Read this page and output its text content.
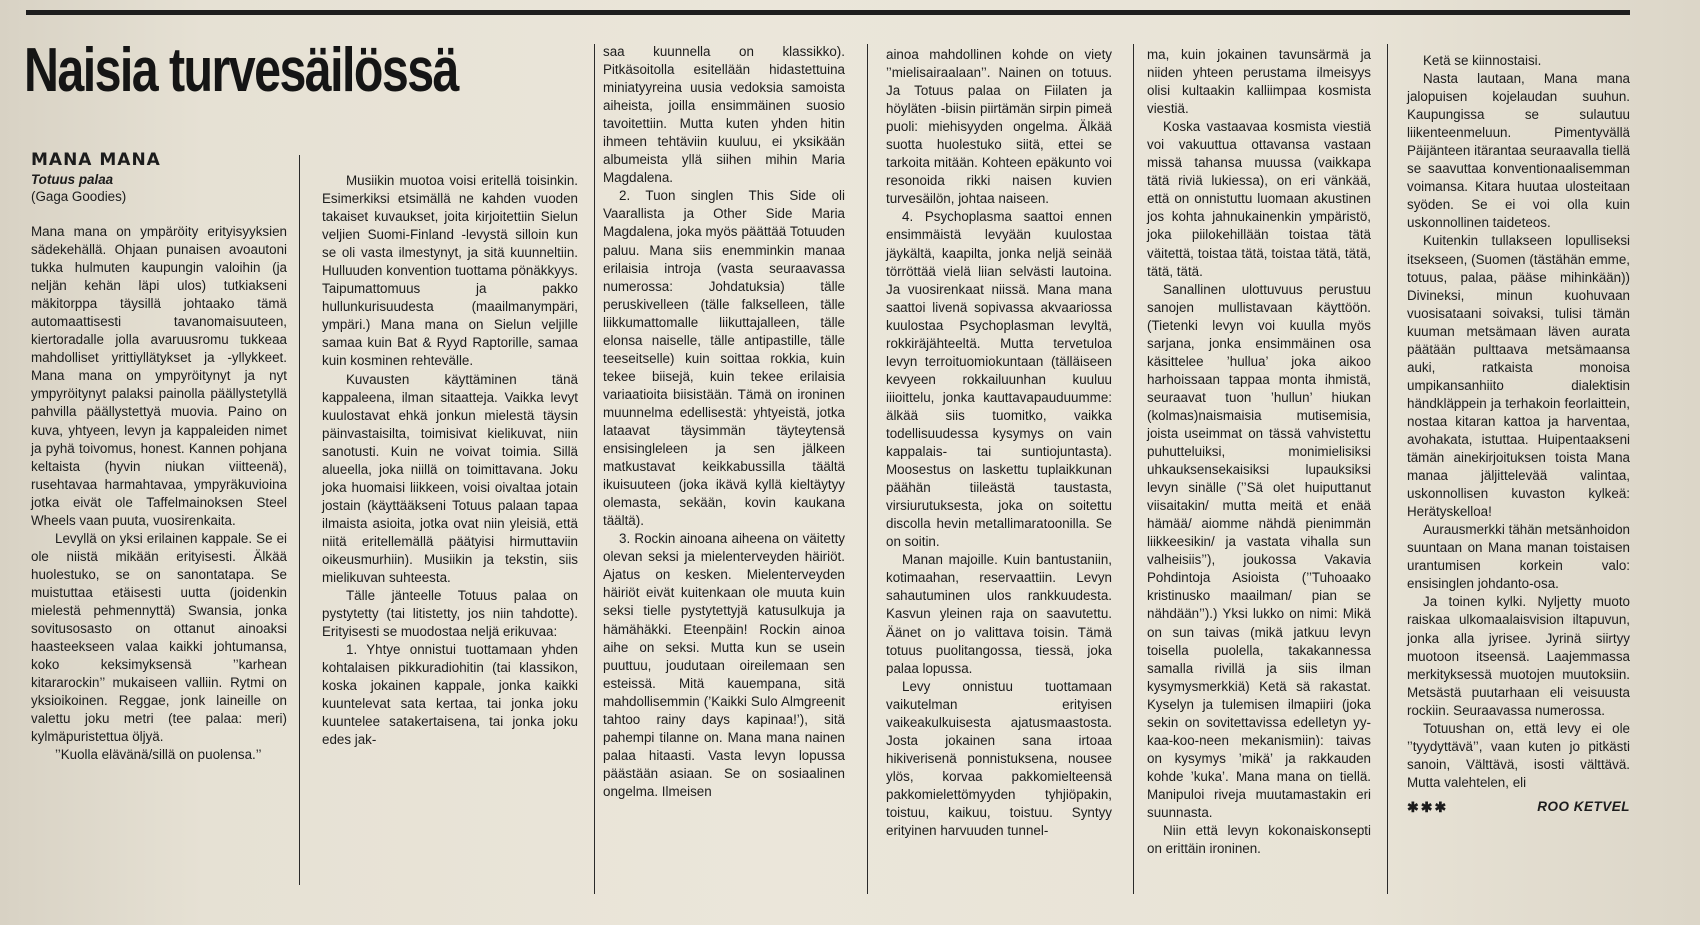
Naisia turvesäilössä

MANA MANA

Totuus palaa

(Gaga Goodies)

Mana mana on ympäröity erityisyyksien sädekehällä. Ohjaan punaisen avoautoni tukka hulmuten kaupungin valoihin (ja neljän kehän läpi ulos) tutkiakseni mäkitorppa täysillä johtaako tämä automaattisesti tavanomaisuuteen, kiertoradalle jolla avaruusromu tukkeaa mahdolliset yrittiyllätykset ja -yllykkeet. Mana mana on ympyröitynyt ja nyt ympyröitynyt palaksi painolla päällystetyllä pahvilla päällystettyä muovia. Paino on kuva, yhtyeen, levyn ja kappaleiden nimet ja pyhä toivomus, honest. Kannen pohjana keltaista (hyvin niukan viitteenä), rusehtavaa harmahtavaa, ympyräkuvioina jotka eivät ole Taffelmainoksen Steel Wheels vaan puuta, vuosirenkaita.

Levyllä on yksi erilainen kappale. Se ei ole niistä mikään erityisesti. Älkää huolestuko, se on sanontatapa. Se muistuttaa etäisesti uutta (joidenkin mielestä pehmennyttä) Swansia, jonka sovitusosasto on ottanut ainoaksi haasteekseen valaa kaikki johtumansa, koko keksimyksensä ’’karhean kitararockin’’ mukaiseen valliin. Rytmi on yksioikoinen. Reggae, jonk laineille on valettu joku metri (tee palaa: meri) kylmäpuristettua öljyä.

’’Kuolla elävänä/sillä on puolensa.’’

Musiikin muotoa voisi eritellä toisinkin. Esimerkiksi etsimällä ne kahden vuoden takaiset kuvaukset, joita kirjoitettiin Sielun veljien Suomi-Finland -levystä silloin kun se oli vasta ilmestynyt, ja sitä kuunneltiin. Hulluuden konvention tuottama pönäkkyys. Taipumattomuus ja pakko hullunkurisuudesta (maailmanympäri, ympäri.) Mana mana on Sielun veljille samaa kuin Bat & Ryyd Raptorille, samaa kuin kosminen rehtevälle.

Kuvausten käyttäminen tänä kappaleena, ilman sitaatteja. Vaikka levyt kuulostavat ehkä jonkun mielestä täysin päinvastaisilta, toimisivat kielikuvat, niin sanotusti. Kuin ne voivat toimia. Sillä alueella, joka niillä on toimittavana. Joku joka huomaisi liikkeen, voisi oivaltaa jotain jostain (käyttääkseni Totuus palaan tapaa ilmaista asioita, jotka ovat niin yleisiä, että niitä eritellemällä päätyisi hirmuttaviin oikeusmurhiin). Musiikin ja tekstin, siis mielikuvan suhteesta.

Tälle jänteelle Totuus palaa on pystytetty (tai litistetty, jos niin tahdotte). Erityisesti se muodostaa neljä erikuvaa:

1. Yhtye onnistui tuottamaan yhden kohtalaisen pikkuradiohitin (tai klassikon, koska jokainen kappale, jonka kaikki kuuntelevat sata kertaa, tai jonka joku kuuntelee satakertaisena, tai jonka joku edes jak-

saa kuunnella on klassikko). Pitkäsoitolla esitellään hidastettuina miniatyyreina uusia vedoksia samoista aiheista, joilla ensimmäinen suosio tavoitettiin. Mutta kuten yhden hitin ihmeen tehtäviin kuuluu, ei yksikään albumeista yllä siihen mihin Maria Magdalena.

2. Tuon singlen This Side oli Vaarallista ja Other Side Maria Magdalena, joka myös päättää Totuuden paluu. Mana siis enemminkin manaa erilaisia introja (vasta seuraavassa numerossa: Johdatuksia) tälle peruskivelleen (tälle falkselleen, tälle liikkumattomalle liikuttajalleen, tälle elonsa naiselle, tälle antipastille, tälle teeseitselle) kuin soittaa rokkia, kuin tekee biisejä, kuin tekee erilaisia variaatioita biisistään. Tämä on ironinen muunnelma edellisestä: yhtyeistä, jotka lataavat täysimmän täyteytensä ensisingleleen ja sen jälkeen matkustavat keikkabussilla täältä ikuisuuteen (joka ikävä kyllä kieltäytyy olemasta, sekään, kovin kaukana täältä).

3. Rockin ainoana aiheena on väitetty olevan seksi ja mielenterveyden häiriöt. Ajatus on kesken. Mielenterveyden häiriöt eivät kuitenkaan ole muuta kuin seksi tielle pystytettyjä katusulkuja ja hämähäkki. Eteenpäin! Rockin ainoa aihe on seksi. Mutta kun se usein puuttuu, joudutaan oireilemaan sen esteissä. Mitä kauempana, sitä mahdollisemmin (’Kaikki Sulo Almgreenit tahtoo rainy days kapinaa!’), sitä pahempi tilanne on. Mana mana nainen palaa hitaasti. Vasta levyn lopussa päästään asiaan. Se on sosiaalinen ongelma. Ilmeisen

ainoa mahdollinen kohde on viety ’’mielisairaalaan’’. Nainen on totuus. Ja Totuus palaa on Fiilaten ja höyläten -biisin piirtämän sirpin pimeä puoli: miehisyyden ongelma. Älkää suotta huolestuko siitä, ettei se tarkoita mitään. Kohteen epäkunto voi resonoida rikki naisen kuvien turvesäilön, johtaa naiseen.

4. Psychoplasma saattoi ennen ensimmäistä levyään kuulostaa jäykältä, kaapilta, jonka neljä seinää törröttää vielä liian selvästi lautoina. Ja vuosirenkaat niissä. Mana mana saattoi livenä sopivassa akvaariossa kuulostaa Psychoplasman levyltä, rokkiräjähteeltä. Mutta tervetuloa levyn terroituomiokuntaan (tälläiseen kevyeen rokkailuunhan kuuluu iiioittelu, jonka kauttavapauduumme: älkää siis tuomitko, vaikka todellisuudessa kysymys on vain kappalais- tai suntiojuntasta). Moosestus on laskettu tuplaikkunan päähän tiileästä taustasta, virsiurutuksesta, joka on soitettu discolla hevin metallimaratoonilla. Se on soitin.

Manan majoille. Kuin bantustaniin, kotimaahan, reservaattiin. Levyn sahautuminen ulos rankkuudesta. Kasvun yleinen raja on saavutettu. Äänet on jo valittava toisin. Tämä totuus puolitangossa, tiessä, joka palaa lopussa.

Levy onnistuu tuottamaan vaikutelman erityisen vaikeakulkuisesta ajatusmaastosta. Josta jokainen sana irtoaa hikiverisenä ponnistuksena, nousee ylös, korvaa pakkomielteensä pakkomielettömyyden tyhjiöpakin, toistuu, kaikuu, toistuu. Syntyy erityinen harvuuden tunnel-

ma, kuin jokainen tavunsärmä ja niiden yhteen perustama ilmeisyys olisi kultaakin kalliimpaa kosmista viestiä.

Koska vastaavaa kosmista viestiä voi vakuuttua ottavansa vastaan missä tahansa muussa (vaikkapa tätä riviä lukiessa), on eri vänkää, että on onnistuttu luomaan akustinen jos kohta jahnukainenkin ympäristö, joka piilokehillään toistaa tätä väitettä, toistaa tätä, toistaa tätä, tätä, tätä, tätä.

Sanallinen ulottuvuus perustuu sanojen mullistavaan käyttöön. (Tietenki levyn voi kuulla myös sarjana, jonka ensimmäinen osa käsittelee ’hullua’ joka aikoo harhoissaan tappaa monta ihmistä, seuraavat tuon ’hullun’ hiukan (kolmas)naismaisia mutisemisia, joista useimmat on tässä vahvistettu puhutteluiksi, monimielisiksi uhkauksensekaisiksi lupauksiksi levyn sinälle (’’Sä olet huiputtanut viisaitakin/ mutta meitä et enää hämää/ aiomme nähdä pienimmän liikkeesikin/ ja vastata vihalla sun valheisiis’’), joukossa Vakavia Pohdintoja Asioista (’’Tuhoaako kristinusko maailman/ pian se nähdään’’).) Yksi lukko on nimi: Mikä on sun taivas (mikä jatkuu levyn toisella puolella, takakannessa samalla rivillä ja siis ilman kysymysmerkkiä) Ketä sä rakastat. Kyselyn ja tulemisen ilmapiiri (joka sekin on sovitettavissa edelletyn yy-kaa-koo-neen mekanismiin): taivas on kysymys ’mikä’ ja rakkauden kohde ’kuka’. Mana mana on tiellä. Manipuloi riveja muutamastakin eri suunnasta.

Niin että levyn kokonaiskonsepti on erittäin ironinen.

Ketä se kiinnostaisi.

Nasta lautaan, Mana mana jalopuisen kojelaudan suuhun. Kaupungissa se sulautuu liikenteenmeluun. Pimentyvällä Päijänteen itärantaa seuraavalla tiellä se saavuttaa konventionaalisemman voimansa. Kitara huutaa ulosteitaan syöden. Se ei voi olla kuin uskonnollinen taideteos.

Kuitenkin tullakseen lopulliseksi itsekseen, (Suomen (tästähän emme, totuus, palaa, pääse mihinkään)) Divineksi, minun kuohuvaan vuosisataani soivaksi, tulisi tämän kuuman metsämaan läven aurata päätään pulttaava metsämaansa auki, ratkaista monoisa umpikansanhiito dialektisin händkläppein ja terhakoin feorlaittein, nostaa kitaran kattoa ja harventaa, avohakata, istuttaa. Huipentaakseni tämän ainekirjoituksen toista Mana manaa jäljittelevää valintaa, uskonnollisen kuvaston kylkeä: Herätyskelloa!

Aurausmerkki tähän metsänhoidon suuntaan on Mana manan toistaisen urantumisen korkein valo: ensisinglen johdanto-osa.

Ja toinen kylki. Nyljetty muoto raiskaa ulkomaalaisvision iltapuvun, jonka alla jyrisee. Jyrinä siirtyy muotoon itseensä. Laajemmassa merkityksessä muotojen muutoksiin. Metsästä puutarhaan eli veisuusta rockiin. Seuraavassa numerossa.

Totuushan on, että levy ei ole ’’tyydyttävä’’, vaan kuten jo pitkästi sanoin, Välttävä, isosti välttävä. Mutta valehtelen, eli

✱✱✱	ROO KETVEL
